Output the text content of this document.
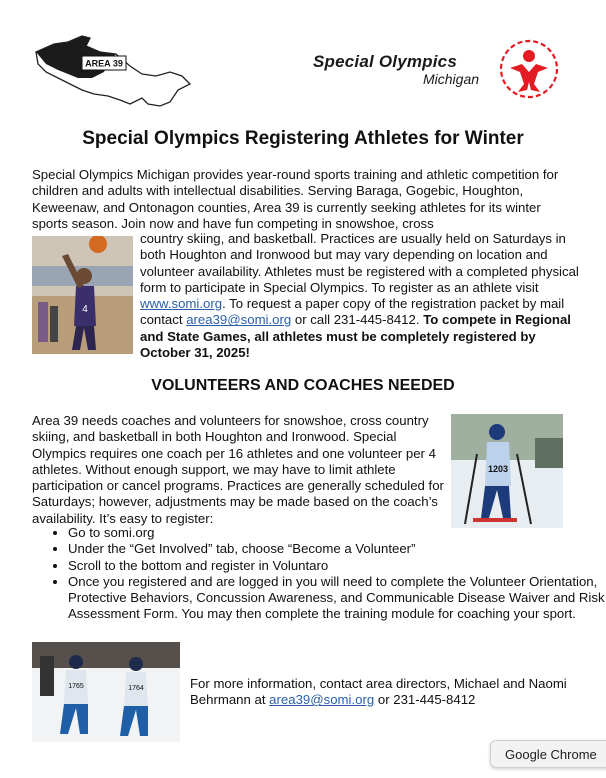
AREA 39	Special Olympics
Michigan
Special Olympics Registering Athletes for Winter
Special Olympics Michigan provides year-round sports training and athletic competition for children and adults with intellectual disabilities. Serving Baraga, Gogebic, Houghton, Keweenaw, and Ontonagon counties, Area 39 is currently seeking athletes for its winter sports season. Join now and have fun competing in snowshoe, cross
4
country skiing, and basketball. Practices are usually held on Saturdays in both Houghton and Ironwood but may vary depending on location and volunteer availability. Athletes must be registered with a completed physical form to participate in Special Olympics. To register as an athlete visit www.somi.org. To request a paper copy of the registration packet by mail contact area39@somi.org or call 231-445-8412. To compete in Regional and State Games, all athletes must be completely registered by October 31, 2025!
VOLUNTEERS AND COACHES NEEDED
Area 39 needs coaches and volunteers for snowshoe, cross country skiing, and basketball in both Houghton and Ironwood. Special Olympics requires one coach per 16 athletes and one volunteer per 4 athletes. Without enough support, we may have to limit athlete participation or cancel programs. Practices are generally scheduled for Saturdays; however, adjustments may be made based on the coach’s availability. It’s easy to register:
1203
• Go to somi.org
• Under the “Get Involved” tab, choose “Become a Volunteer”
• Scroll to the bottom and register in Voluntaro
• Once you registered and are logged in you will need to complete the Volunteer Orientation, Protective Behaviors, Concussion Awareness, and Communicable Disease Waiver and Risk Assessment Form. You may then complete the training module for coaching your sport.
1765	1764	For more information, contact area directors, Michael and Naomi Behrmann at area39@somi.org or 231-445-8412
Google Chrome
